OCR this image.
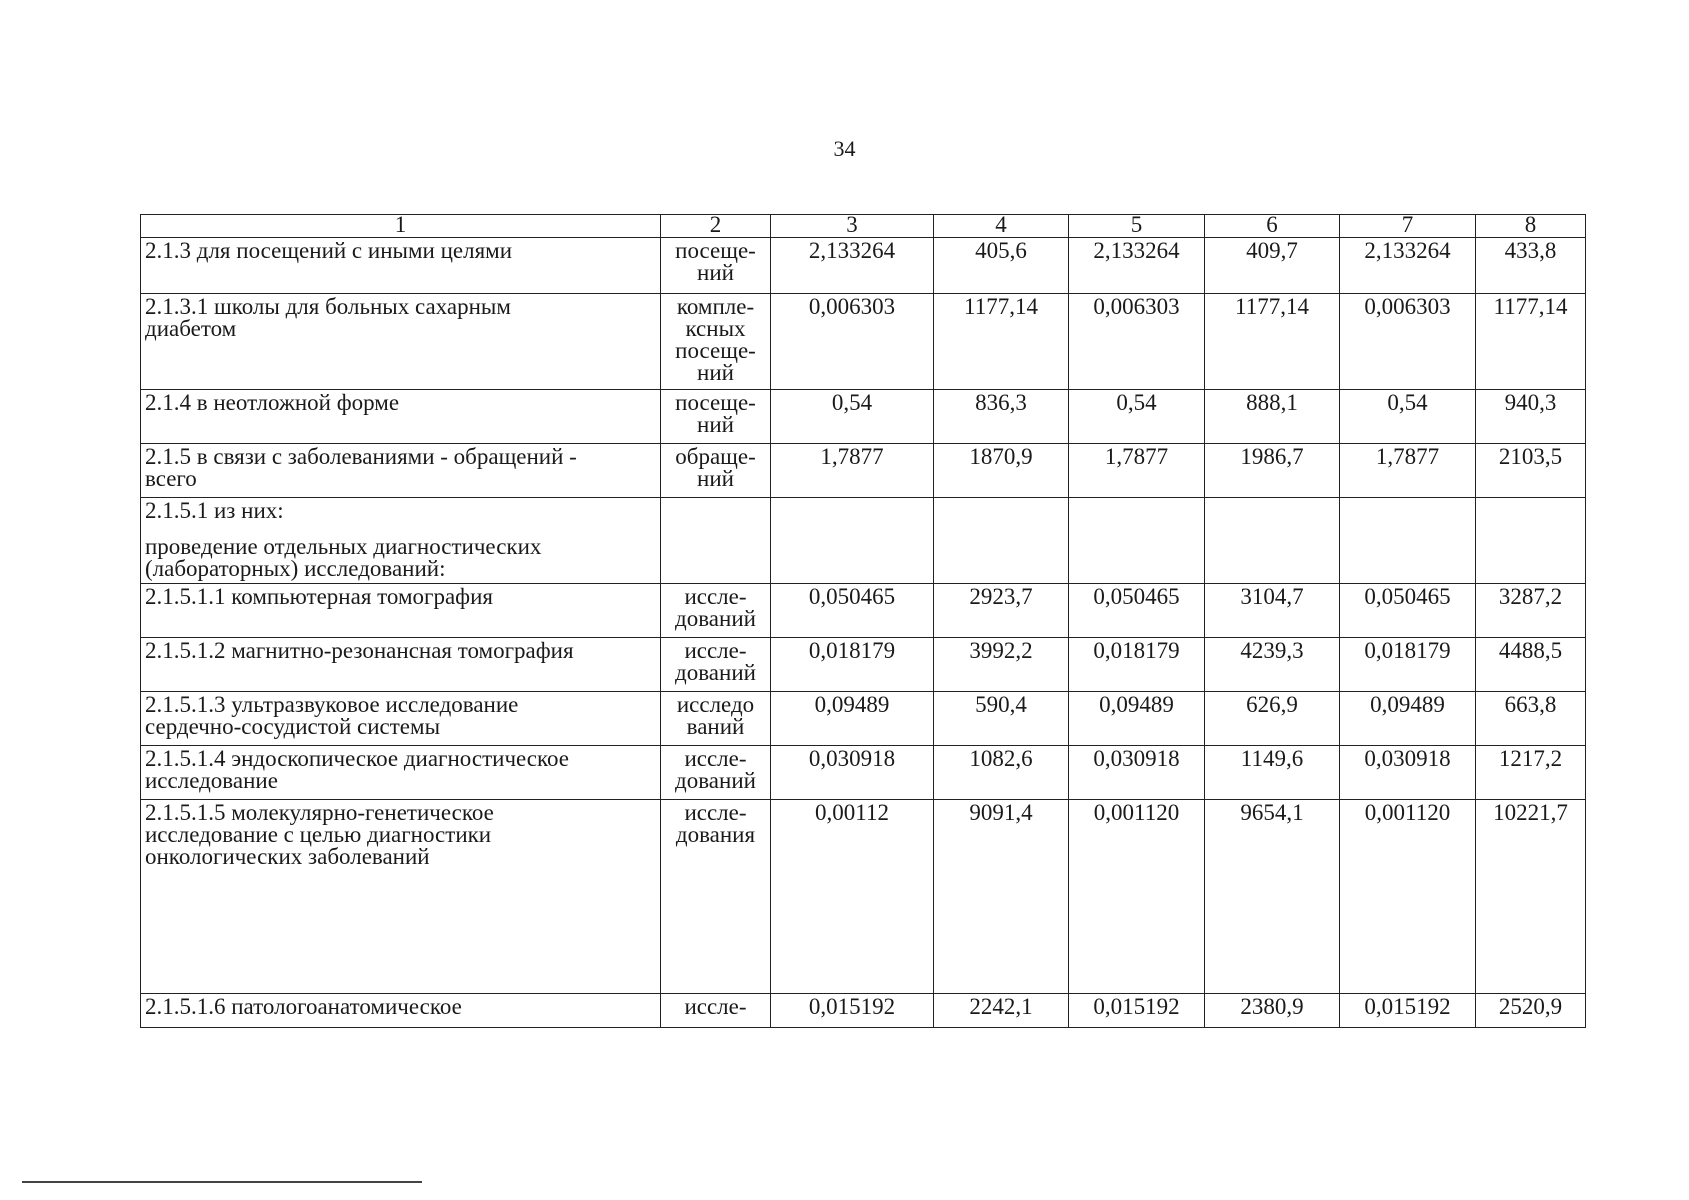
34
1	2	3	4	5	6	7	8

2.1.3 для посещений с иными целями	посеще-
ний	2,133264	405,6	2,133264	409,7	2,133264	433,8

2.1.3.1 школы для больных сахарным
диабетом	компле-
ксных
посеще-
ний	0,006303	1177,14	0,006303	1177,14	0,006303	1177,14

2.1.4 в неотложной форме	посеще-
ний	0,54	836,3	0,54	888,1	0,54	940,3

2.1.5 в связи с заболеваниями - обращений -
всего	обраще-
ний	1,7877	1870,9	1,7877	1986,7	1,7877	2103,5

2.1.5.1 из них:
проведение отдельных диагностических
(лабораторных) исследований:							

2.1.5.1.1 компьютерная томография	иссле-
дований	0,050465	2923,7	0,050465	3104,7	0,050465	3287,2

2.1.5.1.2 магнитно-резонансная томография	иссле-
дований	0,018179	3992,2	0,018179	4239,3	0,018179	4488,5

2.1.5.1.3 ультразвуковое исследование
сердечно-сосудистой системы	исследо
ваний	0,09489	590,4	0,09489	626,9	0,09489	663,8

2.1.5.1.4 эндоскопическое диагностическое
исследование	иссле-
дований	0,030918	1082,6	0,030918	1149,6	0,030918	1217,2

2.1.5.1.5 молекулярно-генетическое
исследование с целью диагностики
онкологических заболеваний	иссле-
дования	0,00112	9091,4	0,001120	9654,1	0,001120	10221,7

2.1.5.1.6 патологоанатомическое	иссле-	0,015192	2242,1	0,015192	2380,9	0,015192	2520,9
